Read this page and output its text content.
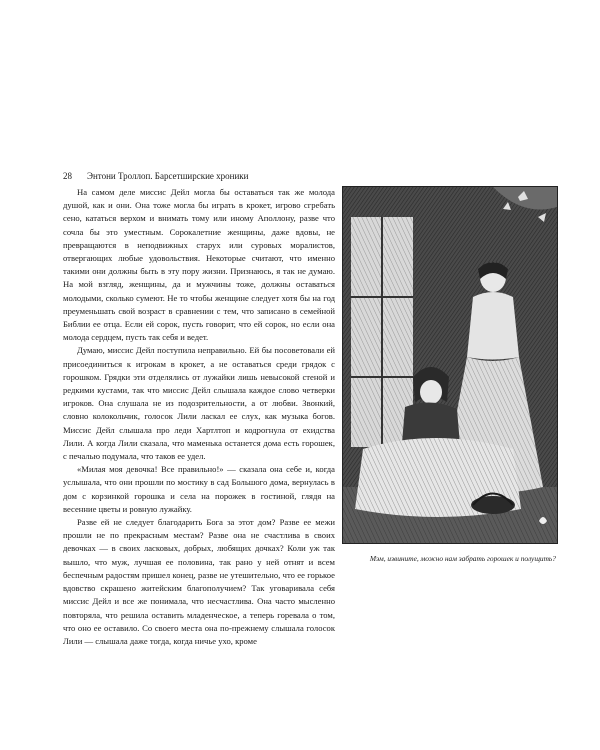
28 Энтони Троллоп. Барсетширские хроники

На самом деле миссис Дейл могла бы оставаться так же молода душой, как и они. Она тоже могла бы играть в крокет, игрово сгребать сено, кататься верхом и внимать тому или иному Аполлону, разве что сочла бы это уместным. Сорокалетние женщины, даже вдовы, не превращаются в неподвижных старух или суровых моралистов, отвергающих любые удовольствия. Некоторые считают, что именно такими они должны быть в эту пору жизни. Признаюсь, я так не думаю. На мой взгляд, женщины, да и мужчины тоже, должны оставаться молодыми, сколько сумеют. Не то чтобы женщине следует хотя бы на год преуменьшать свой возраст в сравнении с тем, что записано в семейной Библии ее отца. Если ей сорок, пусть говорит, что ей сорок, но если она молода сердцем, пусть так себя и ведет.

Думаю, миссис Дейл поступила неправильно. Ей бы посоветовали ей присоединиться к игрокам в крокет, а не оставаться среди грядок с горошком. Грядки эти отделялись от лужайки лишь невысокой стеной и редкими кустами, так что миссис Дейл слышала каждое слово четверки игроков. Она слушала не из подозрительности, а от любви. Звонкий, словно колокольчик, голосок Лили ласкал ее слух, как музыка богов. Миссис Дейл слышала про леди Хартлтоп и кодрогнула от ехидства Лили. А когда Лили сказала, что маменька останется дома есть горошек, с печалью подумала, что таков ее удел.

«Милая моя девочка! Все правильно!» — сказала она себе и, когда услышала, что они прошли по мостику в сад Большого дома, вернулась в дом с корзинкой горошка и села на порожек в гостиной, глядя на весенние цветы и ровную лужайку.

Разве ей не следует благодарить Бога за этот дом? Разве ее межи прошли не по прекрасным местам? Разве она не счастлива в своих девочках — в своих ласковых, добрых, любящих дочках? Коли уж так вышло, что муж, лучшая ее половина, так рано у ней отнят и всем беспечным радостям пришел конец, разве не утешительно, что ее горькое вдовство скрашено житейским благополучием? Так уговаривала себя миссис Дейл и все же понимала, что несчастлива. Она часто мысленно повторяла, что решила оставить младенческое, а теперь горевала о том, что оно ее оставило. Со своего места она по-прежнему слышала голосок Лили — слышала даже тогда, когда ничье ухо, кроме

Мэм, извините, можно нам забрать горошек и полущить?
